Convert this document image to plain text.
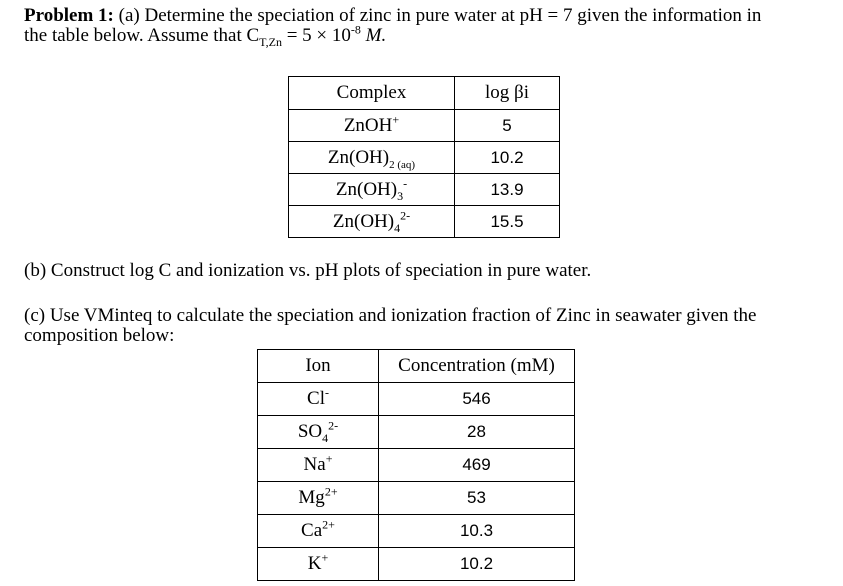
Problem 1: (a) Determine the speciation of zinc in pure water at pH = 7 given the information in
the table below. Assume that $C_{T,Zn} = 5 \times 10^{-8}$ M.
Complex	log βi
ZnOH+	5
$Zn(OH)_{2 (aq)}$	10.2
$Zn(OH)_3^-$	13.9
$Zn(OH)_4^{2-}$	15.5
(b) Construct log C and ionization vs. pH plots of speciation in pure water.
(c) Use VMinteq to calculate the speciation and ionization fraction of Zinc in seawater given the composition below:
Ion	Concentration (mM)
Cl-	546
$SO_4^{2-}$	28
Na+	469
$Mg^{2+}$	53
$Ca^{2+}$	10.3
K+	10.2
